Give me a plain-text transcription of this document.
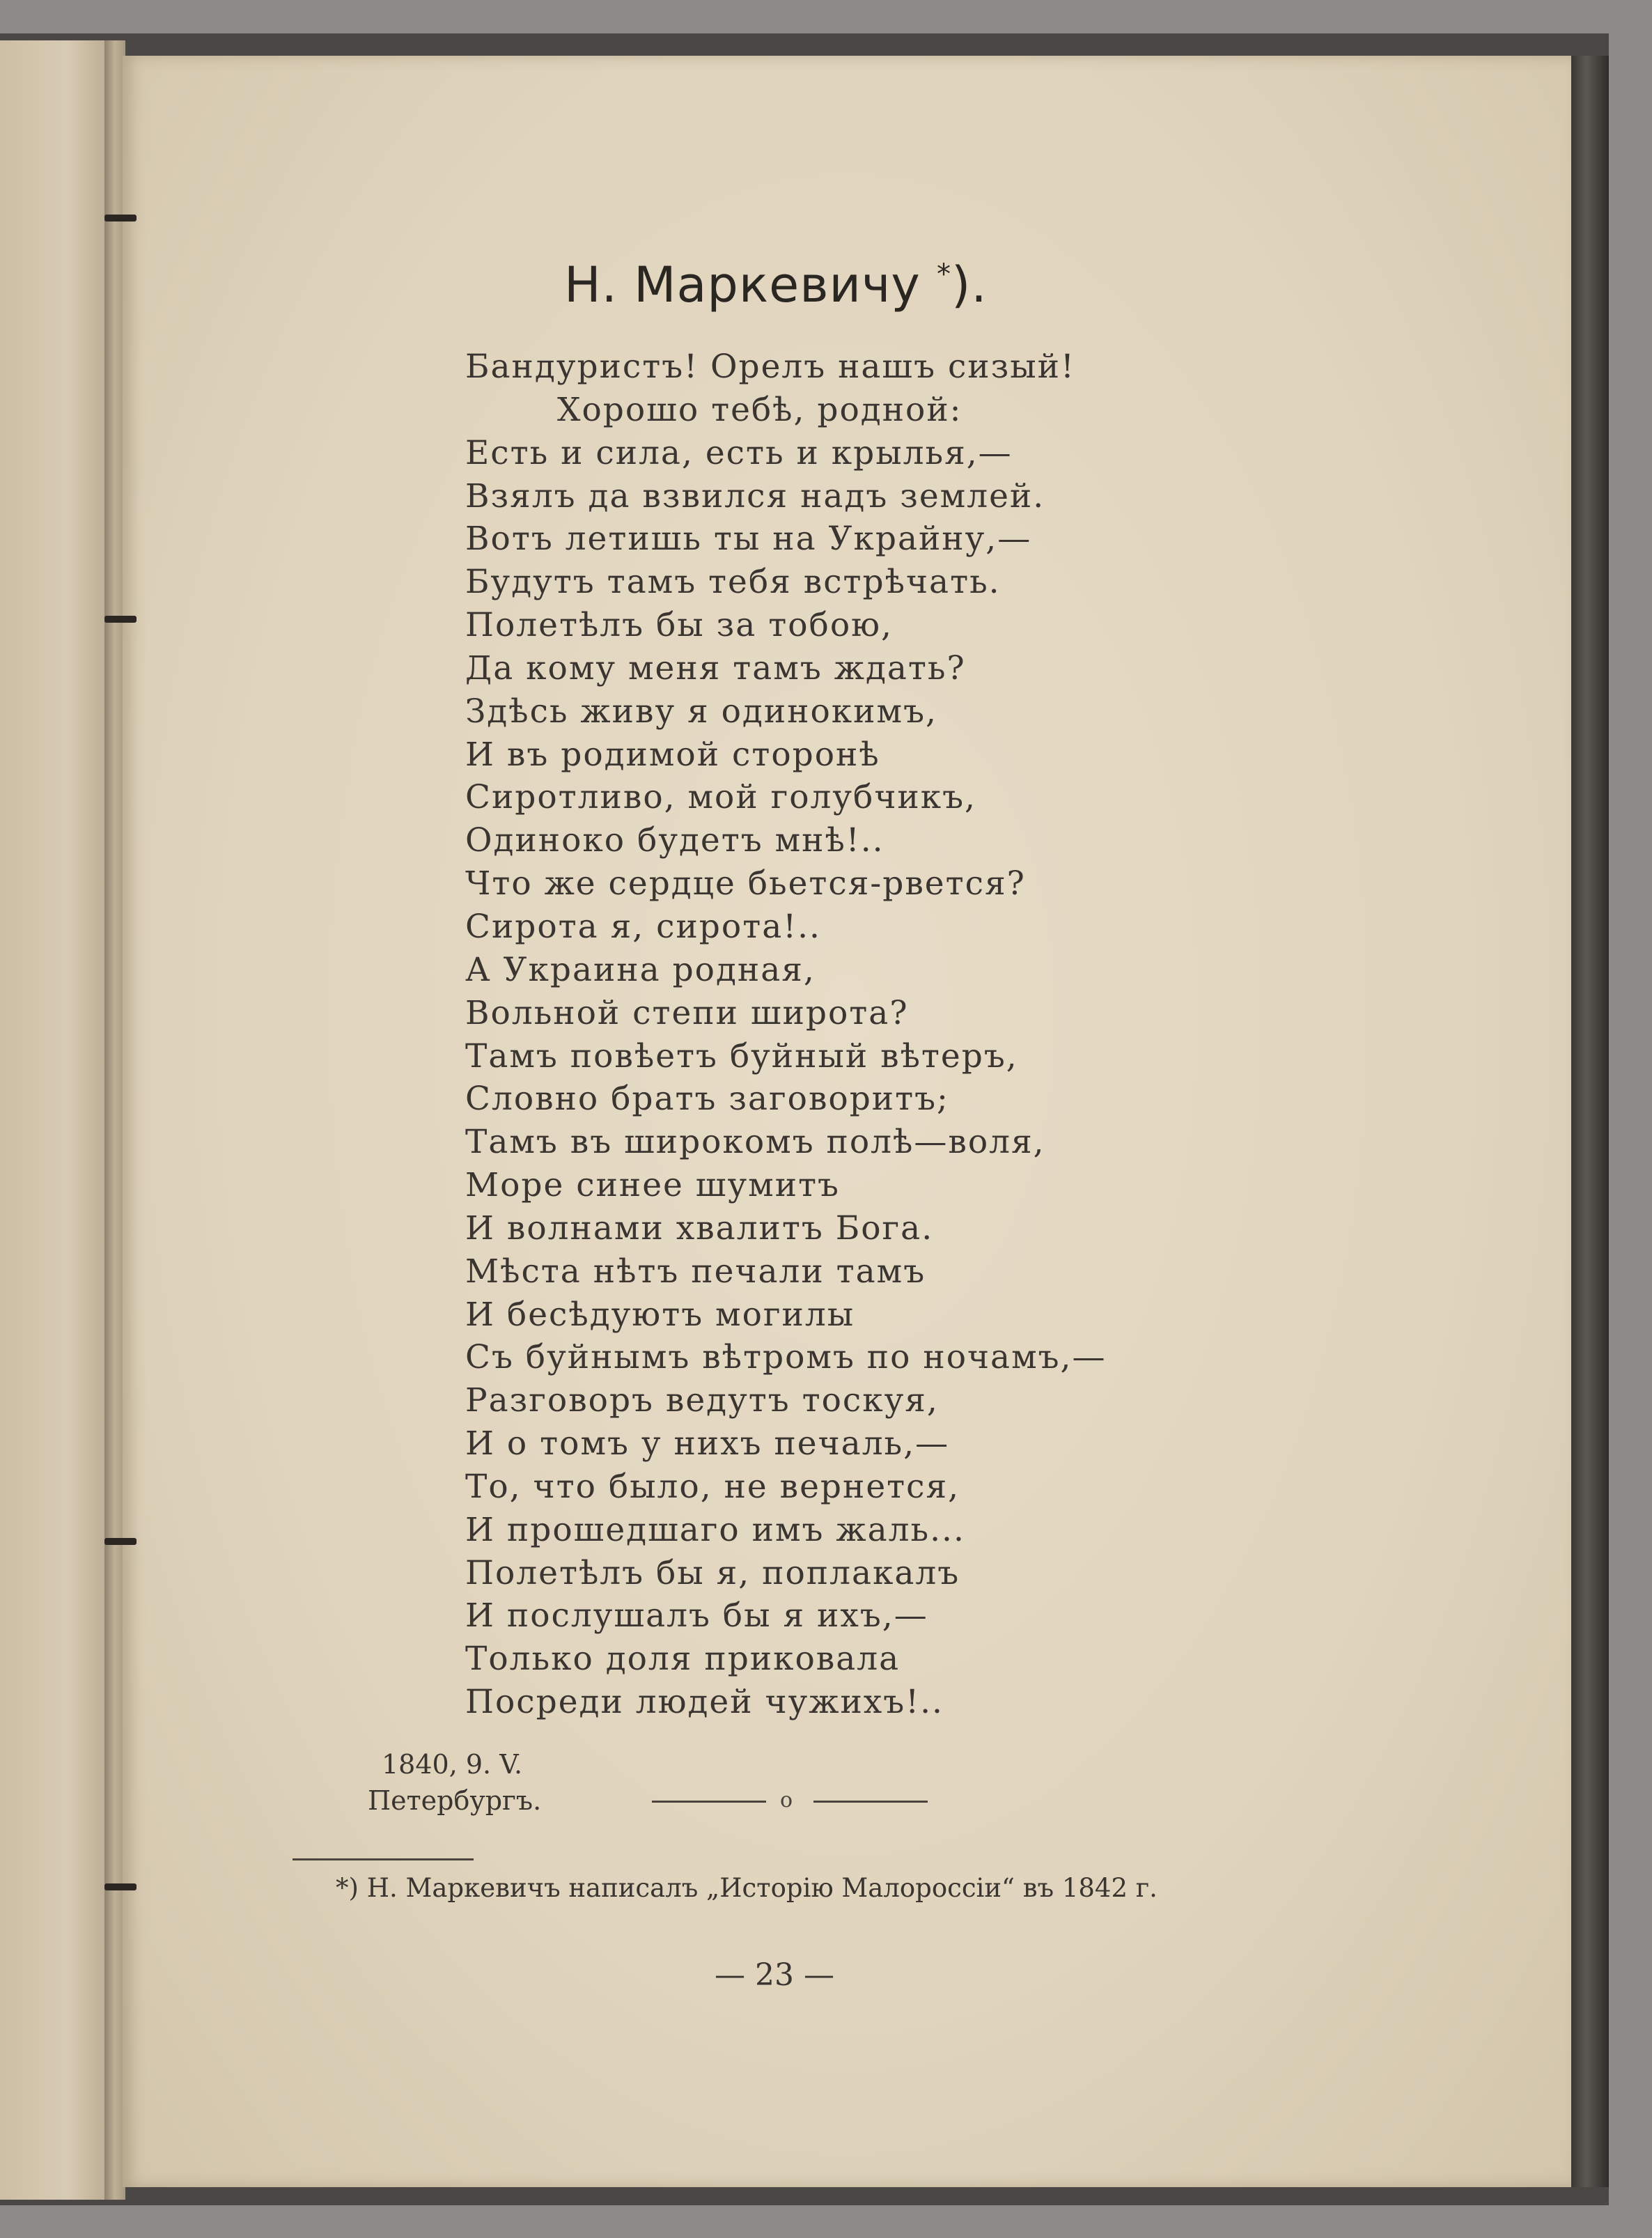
Н. Маркевичу *).
Бандуристъ! Орелъ нашъ сизый!
Хорошо тебѣ, родной:
Есть и сила, есть и крылья,—
Взялъ да взвился надъ землей.
Вотъ летишь ты на Украйну,—
Будутъ тамъ тебя встрѣчать.
Полетѣлъ бы за тобою,
Да кому меня тамъ ждать?
Здѣсь живу я одинокимъ,
И въ родимой сторонѣ
Сиротливо, мой голубчикъ,
Одиноко будетъ мнѣ!..
Что же сердце бьется-рвется?
Сирота я, сирота!..
А Украина родная,
Вольной степи широта?
Тамъ повѣетъ буйный вѣтеръ,
Словно братъ заговоритъ;
Тамъ въ широкомъ полѣ—воля,
Море синее шумитъ
И волнами хвалитъ Бога.
Мѣста нѣтъ печали тамъ
И бесѣдуютъ могилы
Съ буйнымъ вѣтромъ по ночамъ,—
Разговоръ ведутъ тоскуя,
И о томъ у нихъ печаль,—
То, что было, не вернется,
И прошедшаго имъ жаль...
Полетѣлъ бы я, поплакалъ
И послушалъ бы я ихъ,—
Только доля приковала
Посреди людей чужихъ!..
1840, 9. V.
Петербургъ.	o
*) Н. Маркевичъ написалъ „Исторію Малороссіи“ въ 1842 г.
— 23 —
